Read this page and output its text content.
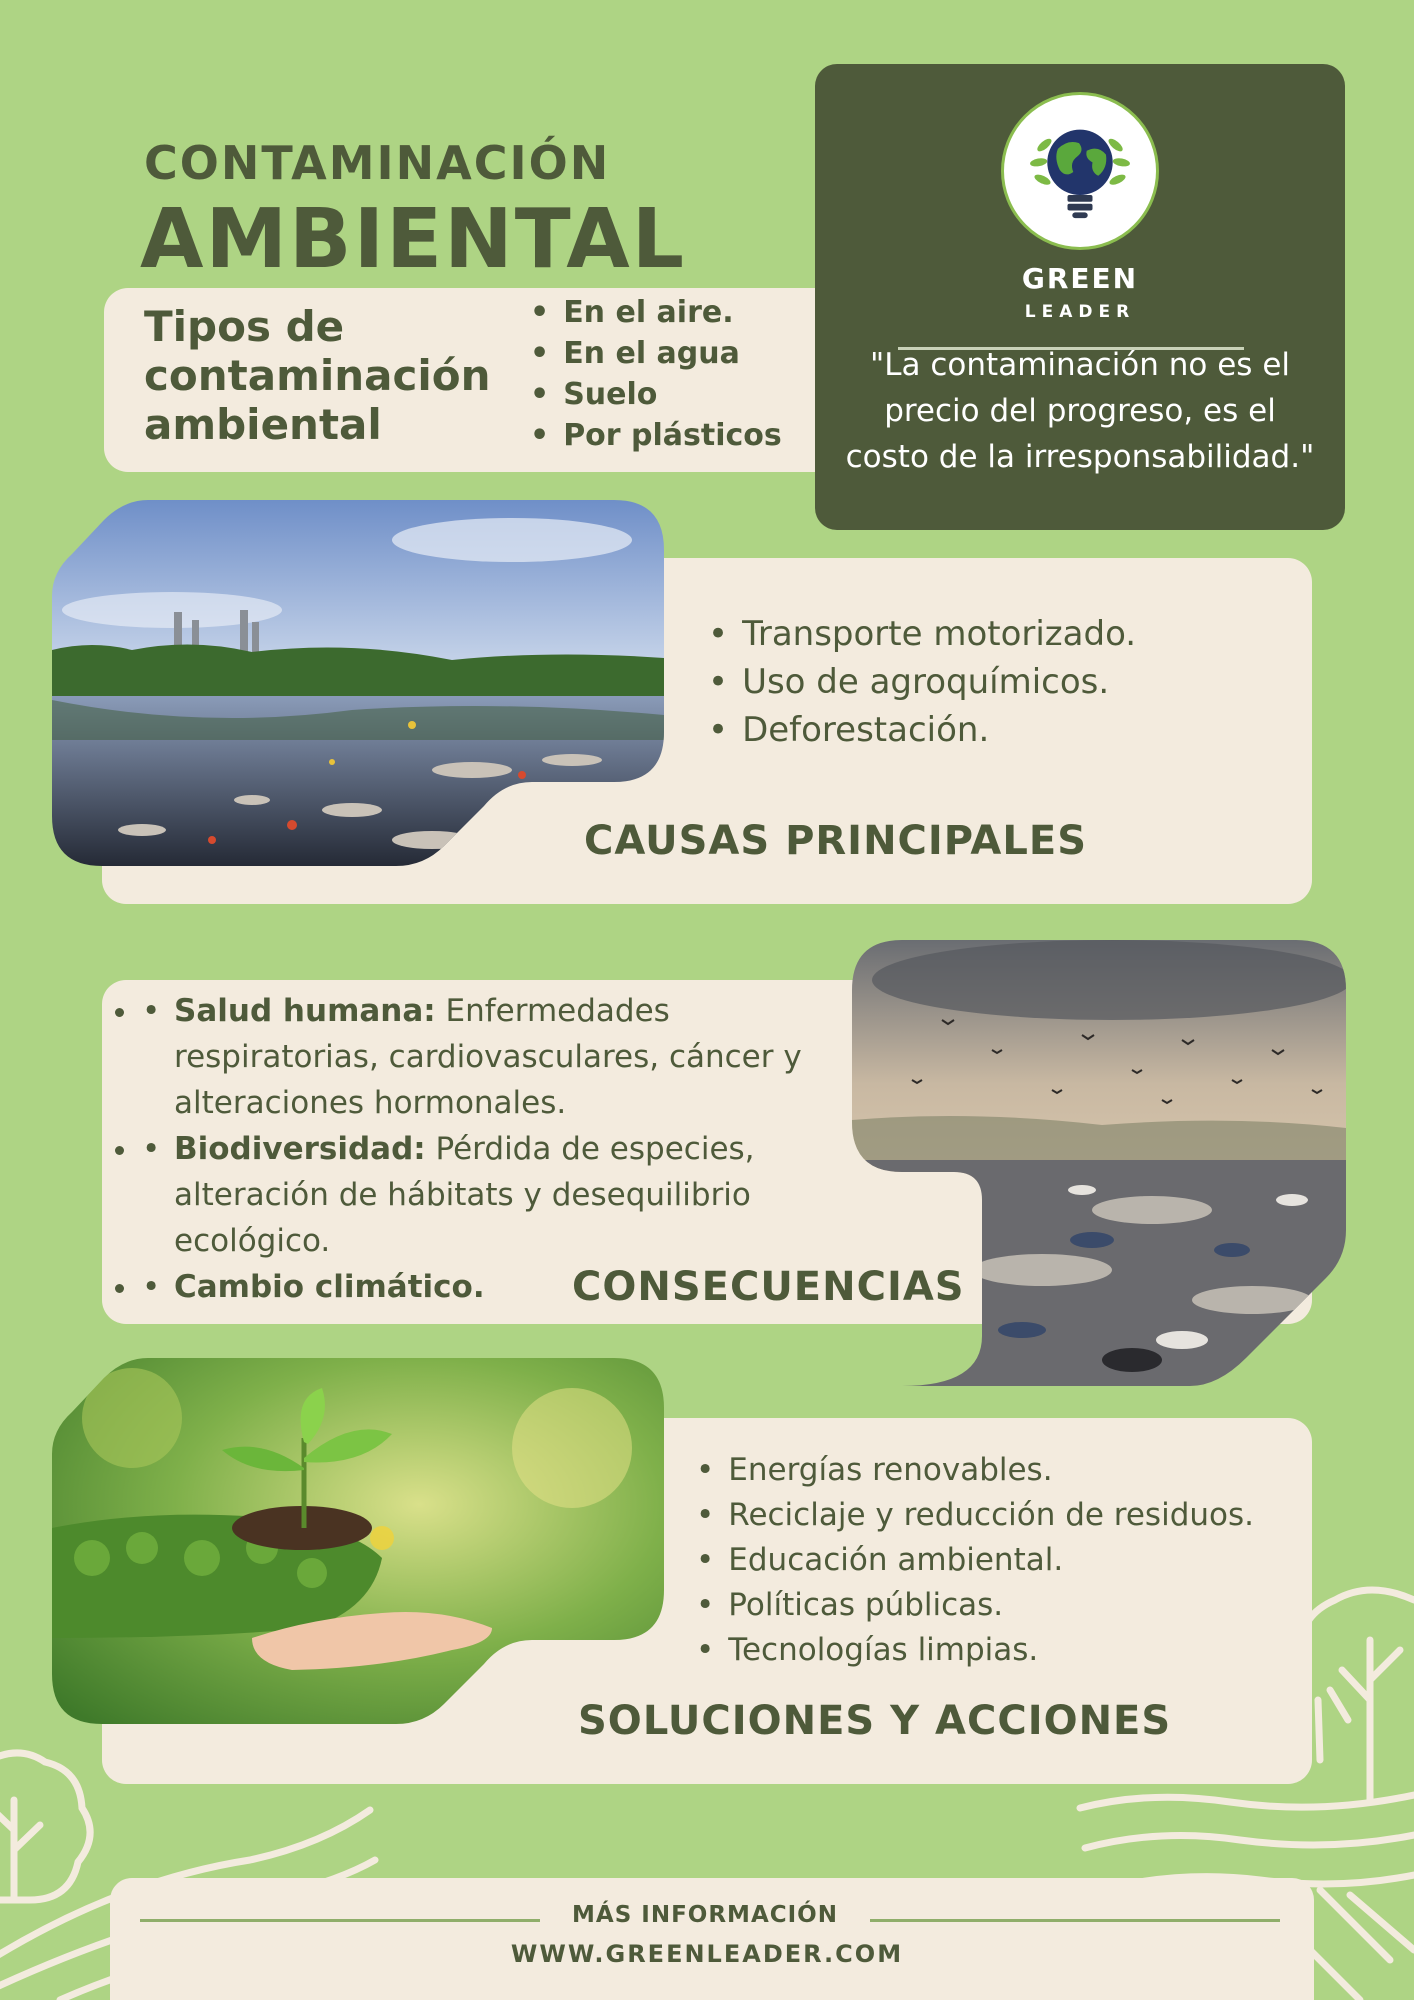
CONTAMINACIÓN
AMBIENTAL
Tipos de contaminación ambiental
• En el aire.
• En el agua
• Suelo
• Por plásticos
GREEN
LEADER
"La contaminación no es el precio del progreso, es el costo de la irresponsabilidad."
• Transporte motorizado.
• Uso de agroquímicos.
• Deforestación.
CAUSAS PRINCIPALES
• • Salud humana: Enfermedades respiratorias, cardiovasculares, cáncer y alteraciones hormonales.
• • Biodiversidad: Pérdida de especies, alteración de hábitats y desequilibrio ecológico.
• • Cambio climático.	CONSECUENCIAS
• Energías renovables.
• Reciclaje y reducción de residuos.
• Educación ambiental.
• Políticas públicas.
• Tecnologías limpias.
SOLUCIONES Y ACCIONES
MÁS INFORMACIÓN
WWW.GREENLEADER.COM
